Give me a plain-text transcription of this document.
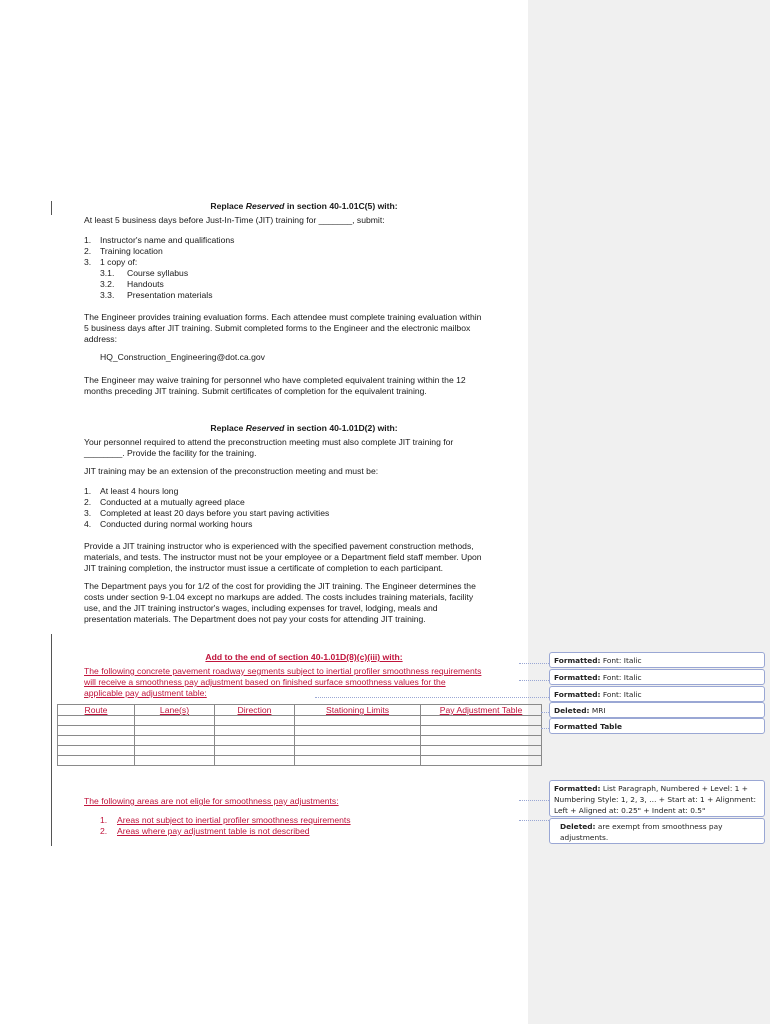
Replace Reserved in section 40-1.01C(5) with:
At least 5 business days before Just-In-Time (JIT) training for _______, submit:
1. Instructor's name and qualifications
2. Training location
3. 1 copy of:
3.1. Course syllabus
3.2. Handouts
3.3. Presentation materials
The Engineer provides training evaluation forms. Each attendee must complete training evaluation within
5 business days after JIT training. Submit completed forms to the Engineer and the electronic mailbox
address:
HQ_Construction_Engineering@dot.ca.gov
The Engineer may waive training for personnel who have completed equivalent training within the 12
months preceding JIT training. Submit certificates of completion for the equivalent training.
Replace Reserved in section 40-1.01D(2) with:
Your personnel required to attend the preconstruction meeting must also complete JIT training for
________. Provide the facility for the training.
JIT training may be an extension of the preconstruction meeting and must be:
1. At least 4 hours long
2. Conducted at a mutually agreed place
3. Completed at least 20 days before you start paving activities
4. Conducted during normal working hours
Provide a JIT training instructor who is experienced with the specified pavement construction methods,
materials, and tests. The instructor must not be your employee or a Department field staff member. Upon
JIT training completion, the instructor must issue a certificate of completion to each participant.
The Department pays you for 1/2 of the cost for providing the JIT training. The Engineer determines the
costs under section 9-1.04 except no markups are added. The costs includes training materials, facility
use, and the JIT training instructor's wages, including expenses for travel, lodging, meals and
presentation materials. The Department does not pay your costs for attending JIT training.
Add to the end of section 40-1.01D(8)(c)(iii) with:
The following concrete pavement roadway segments subject to inertial profiler smoothness requirements
will receive a smoothness pay adjustment based on finished surface smoothness values for the
applicable pay adjustment table:
Route	Lane(s)	Direction	Stationing Limits	Pay Adjustment Table

The following areas are not eligle for smoothness pay adjustments:
1. Areas not subject to inertial profiler smoothness requirements
2. Areas where pay adjustment table is not described
Formatted: Font: Italic
Formatted: Font: Italic
Formatted: Font: Italic
Deleted: MRI
Formatted Table
Formatted: List Paragraph, Numbered + Level: 1 + Numbering Style: 1, 2, 3, … + Start at: 1 + Alignment: Left + Aligned at: 0.25" + Indent at: 0.5"
Deleted: are exempt from smoothness pay adjustments.
